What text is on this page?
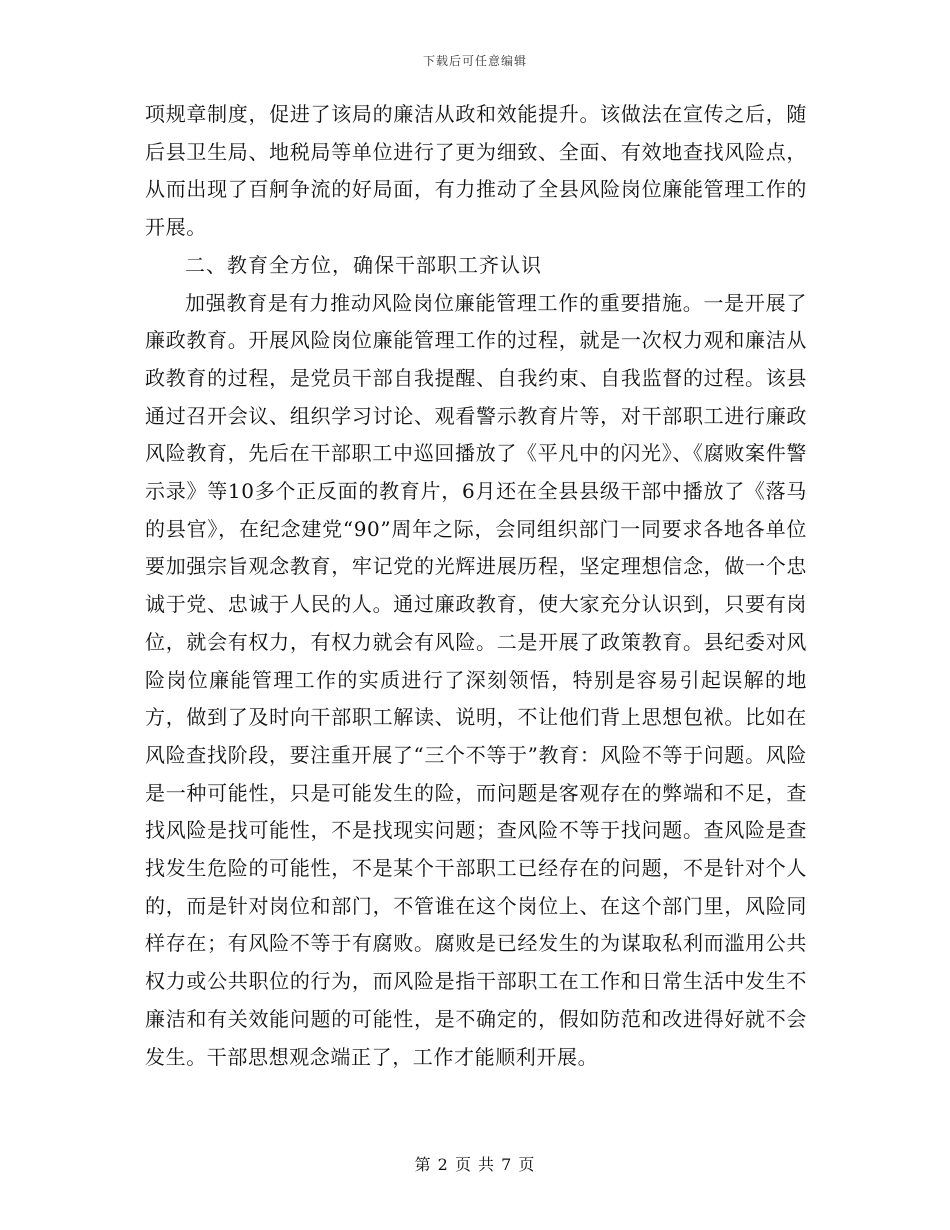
下载后可任意编辑

项规章制度，促进了该局的廉洁从政和效能提升。该做法在宣传之后，随后县卫生局、地税局等单位进行了更为细致、全面、有效地查找风险点，从而出现了百舸争流的好局面，有力推动了全县风险岗位廉能管理工作的开展。

二、教育全方位，确保干部职工齐认识

加强教育是有力推动风险岗位廉能管理工作的重要措施。一是开展了廉政教育。开展风险岗位廉能管理工作的过程，就是一次权力观和廉洁从政教育的过程，是党员干部自我提醒、自我约束、自我监督的过程。该县通过召开会议、组织学习讨论、观看警示教育片等，对干部职工进行廉政风险教育，先后在干部职工中巡回播放了《平凡中的闪光》、《腐败案件警示录》等10多个正反面的教育片，6月还在全县县级干部中播放了《落马的县官》，在纪念建党“90”周年之际，会同组织部门一同要求各地各单位要加强宗旨观念教育，牢记党的光辉进展历程，坚定理想信念，做一个忠诚于党、忠诚于人民的人。通过廉政教育，使大家充分认识到，只要有岗位，就会有权力，有权力就会有风险。二是开展了政策教育。县纪委对风险岗位廉能管理工作的实质进行了深刻领悟，特别是容易引起误解的地方，做到了及时向干部职工解读、说明，不让他们背上思想包袱。比如在风险查找阶段，要注重开展了“三个不等于”教育：风险不等于问题。风险是一种可能性，只是可能发生的险，而问题是客观存在的弊端和不足，查找风险是找可能性，不是找现实问题；查风险不等于找问题。查风险是查找发生危险的可能性，不是某个干部职工已经存在的问题，不是针对个人的，而是针对岗位和部门，不管谁在这个岗位上、在这个部门里，风险同样存在；有风险不等于有腐败。腐败是已经发生的为谋取私利而滥用公共权力或公共职位的行为，而风险是指干部职工在工作和日常生活中发生不廉洁和有关效能问题的可能性，是不确定的，假如防范和改进得好就不会发生。干部思想观念端正了，工作才能顺利开展。

第 2 页 共 7 页
